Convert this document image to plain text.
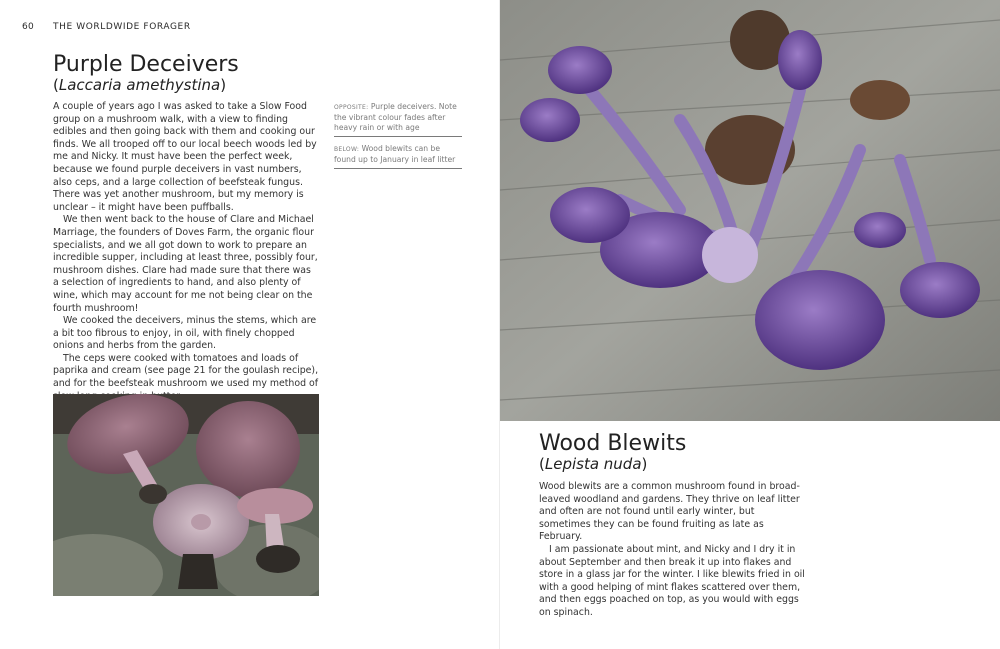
60 THE WORLDWIDE FORAGER
Purple Deceivers
(Laccaria amethystina)

A couple of years ago I was asked to take a Slow Food group on a mushroom walk, with a view to finding edibles and then going back with them and cooking our finds. We all trooped off to our local beech woods led by me and Nicky. It must have been the perfect week, because we found purple deceivers in vast numbers, also ceps, and a large collection of beefsteak fungus. There was yet another mushroom, but my memory is unclear – it might have been puffballs.

We then went back to the house of Clare and Michael Marriage, the founders of Doves Farm, the organic flour specialists, and we all got down to work to prepare an incredible supper, including at least three, possibly four, mushroom dishes. Clare had made sure that there was a selection of ingredients to hand, and also plenty of wine, which may account for me not being clear on the fourth mushroom!

We cooked the deceivers, minus the stems, which are a bit too fibrous to enjoy, in oil, with finely chopped onions and herbs from the garden.

The ceps were cooked with tomatoes and loads of paprika and cream (see page 21 for the goulash recipe), and for the beefsteak mushroom we used my method of

OPPOSITE: Purple deceivers. Note the vibrant colour fades after heavy rain or with age
BELOW: Wood blewits can be found up to January in leaf litter
Wood Blewits
(Lepista nuda)

Wood blewits are a common mushroom found in broad-leaved woodland and gardens. They thrive on leaf litter and often are not found until early winter, but sometimes they can be found fruiting as late as February.

I am passionate about mint, and Nicky and I dry it in about September and then break it up into flakes and store in a glass jar for the winter. I like blewits fried in oil with a good helping of mint flakes scattered over them, and then eggs poached on top, as you would with eggs on spinach.
